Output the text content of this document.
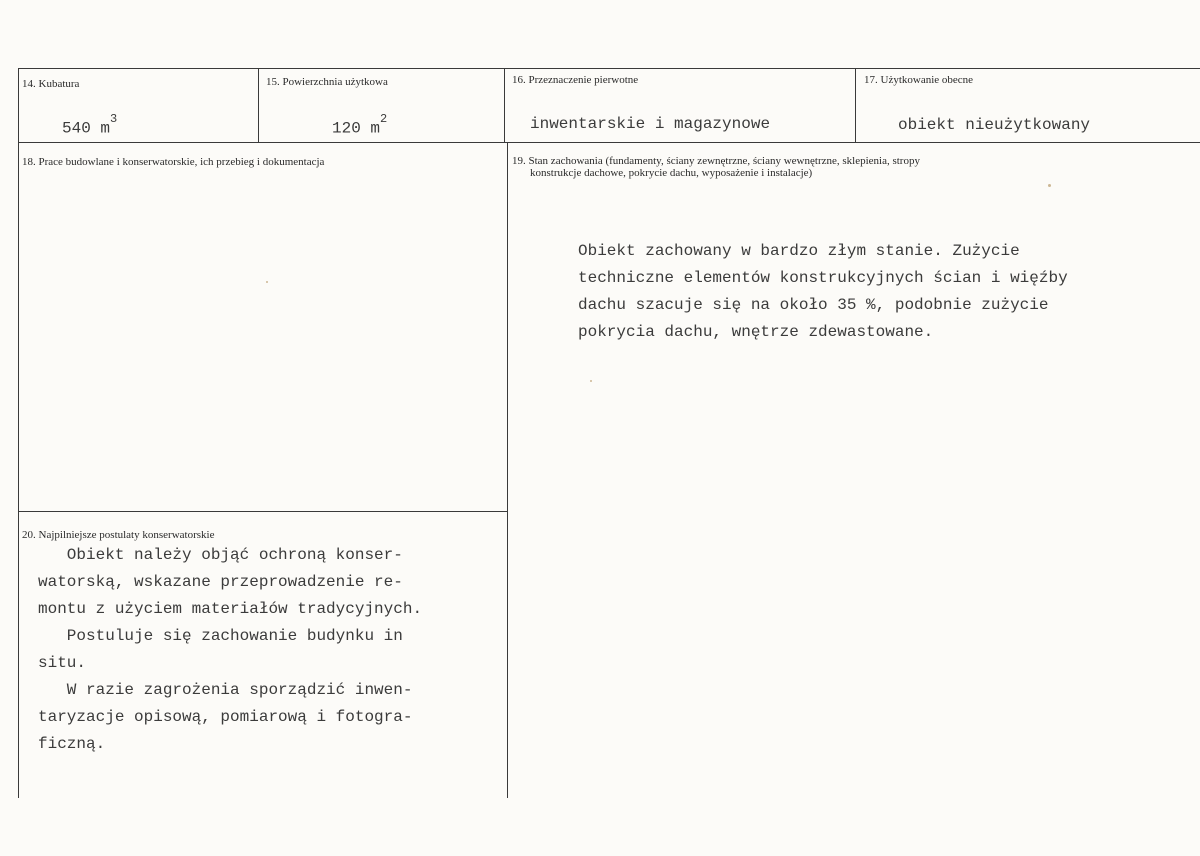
14. Kubatura
540 $m^3$
15. Powierzchnia użytkowa
120 $m^2$
16. Przeznaczenie pierwotne
inwentarskie i magazynowe
17. Użytkowanie obecne
obiekt nieużytkowany
18. Prace budowlane i konserwatorskie, ich przebieg i dokumentacja	19. Stan zachowania (fundamenty, ściany zewnętrzne, ściany wewnętrzne, sklepienia, stropy
konstrukcje dachowe, pokrycie dachu, wyposażenie i instalacje)
Obiekt zachowany w bardzo złym stanie. Zużycie
techniczne elementów konstrukcyjnych ścian i więźby
dachu szacuje się na około 35 %, podobnie zużycie
pokrycia dachu, wnętrze zdewastowane.
20. Najpilniejsze postulaty konserwatorskie
Obiekt należy objąć ochroną konser-
watorską, wskazane przeprowadzenie re-
montu z użyciem materiałów tradycyjnych.
Postuluje się zachowanie budynku in
situ.
W razie zagrożenia sporządzić inwen-
taryzacje opisową, pomiarową i fotogra-
ficzną.
